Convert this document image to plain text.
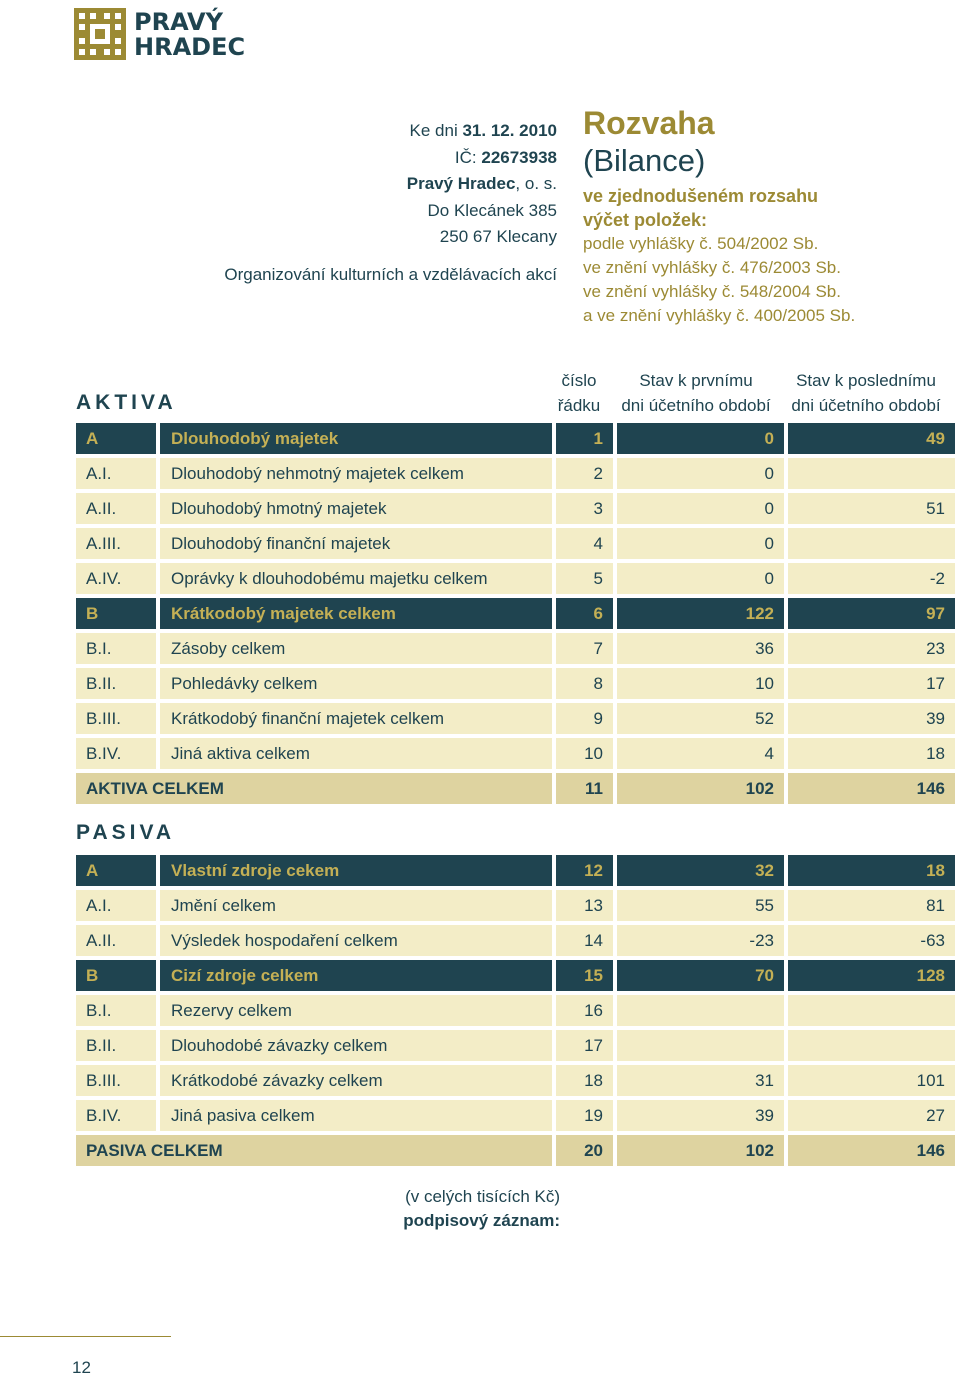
PRAVÝ
HRADEC
Ke dni 31. 12. 2010
IČ: 22673938
Pravý Hradec, o. s.
Do Klecánek 385
250 67 Klecany
Organizování kulturních a vzdělávacích akcí
Rozvaha
(Bilance)
ve zjednodušeném rozsahu
výčet položek:
podle vyhlášky č. 504/2002 Sb.
ve znění vyhlášky č. 476/2003 Sb.
ve znění vyhlášky č. 548/2004 Sb.
a ve znění vyhlášky č. 400/2005 Sb.
AKTIVA
číslo
řádku
Stav k prvnímu
dni účetního období
Stav k poslednímu
dni účetního období
A	Dlouhodobý majetek	1	0	49
A.I.	Dlouhodobý nehmotný majetek celkem	2	0
A.II.	Dlouhodobý hmotný majetek	3	0	51
A.III.	Dlouhodobý finanční majetek	4	0
A.IV.	Oprávky k dlouhodobému majetku celkem	5	0	-2
B	Krátkodobý majetek celkem	6	122	97
B.I.	Zásoby celkem	7	36	23
B.II.	Pohledávky celkem	8	10	17
B.III.	Krátkodobý finanční majetek celkem	9	52	39
B.IV.	Jiná aktiva celkem	10	4	18
AKTIVA CELKEM	11	102	146
PASIVA
A	Vlastní zdroje cekem	12	32	18
A.I.	Jmění celkem	13	55	81
A.II.	Výsledek hospodaření celkem	14	-23	-63
B	Cizí zdroje celkem	15	70	128
B.I.	Rezervy celkem	16
B.II.	Dlouhodobé závazky celkem	17
B.III.	Krátkodobé závazky celkem	18	31	101
B.IV.	Jiná pasiva celkem	19	39	27
PASIVA CELKEM	20	102	146
(v celých tisících Kč)
podpisový záznam:
12
